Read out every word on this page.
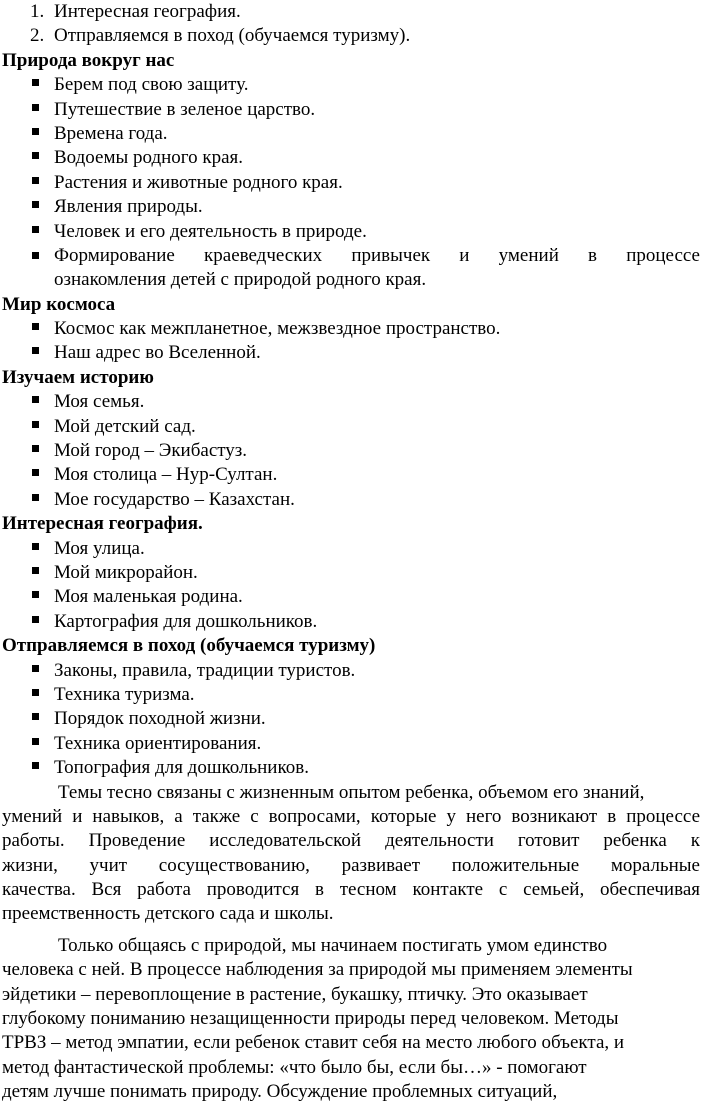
1. Интересная география.
2. Отправляемся в поход (обучаемся туризму).
Природа вокруг нас
Берем под свою защиту.
Путешествие в зеленое царство.
Времена года.
Водоемы родного края.
Растения и животные родного края.
Явления природы.
Человек и его деятельность в природе.
Формирование краеведческих привычек и умений в процессе
ознакомления детей с природой родного края.
Мир космоса
Космос как межпланетное, межзвездное пространство.
Наш адрес во Вселенной.
Изучаем историю
Моя семья.
Мой детский сад.
Мой город – Экибастуз.
Моя столица – Нур-Султан.
Мое государство – Казахстан.
Интересная география.
Моя улица.
Мой микрорайон.
Моя маленькая родина.
Картография для дошкольников.
Отправляемся в поход (обучаемся туризму)
Законы, правила, традиции туристов.
Техника туризма.
Порядок походной жизни.
Техника ориентирования.
Топография для дошкольников.
Темы тесно связаны с жизненным опытом ребенка, объемом его знаний,
умений и навыков, а также с вопросами, которые у него возникают в процессе
работы. Проведение исследовательской деятельности готовит ребенка к
жизни, учит сосуществованию, развивает положительные моральные
качества. Вся работа проводится в тесном контакте с семьей, обеспечивая
преемственность детского сада и школы.
Только общаясь с природой, мы начинаем постигать умом единство
человека с ней. В процессе наблюдения за природой мы применяем элементы
эйдетики – перевоплощение в растение, букашку, птичку. Это оказывает
глубокому пониманию незащищенности природы перед человеком. Методы
ТРВЗ – метод эмпатии, если ребенок ставит себя на место любого объекта, и
метод фантастической проблемы: «что было бы, если бы…» - помогают
детям лучше понимать природу. Обсуждение проблемных ситуаций,
